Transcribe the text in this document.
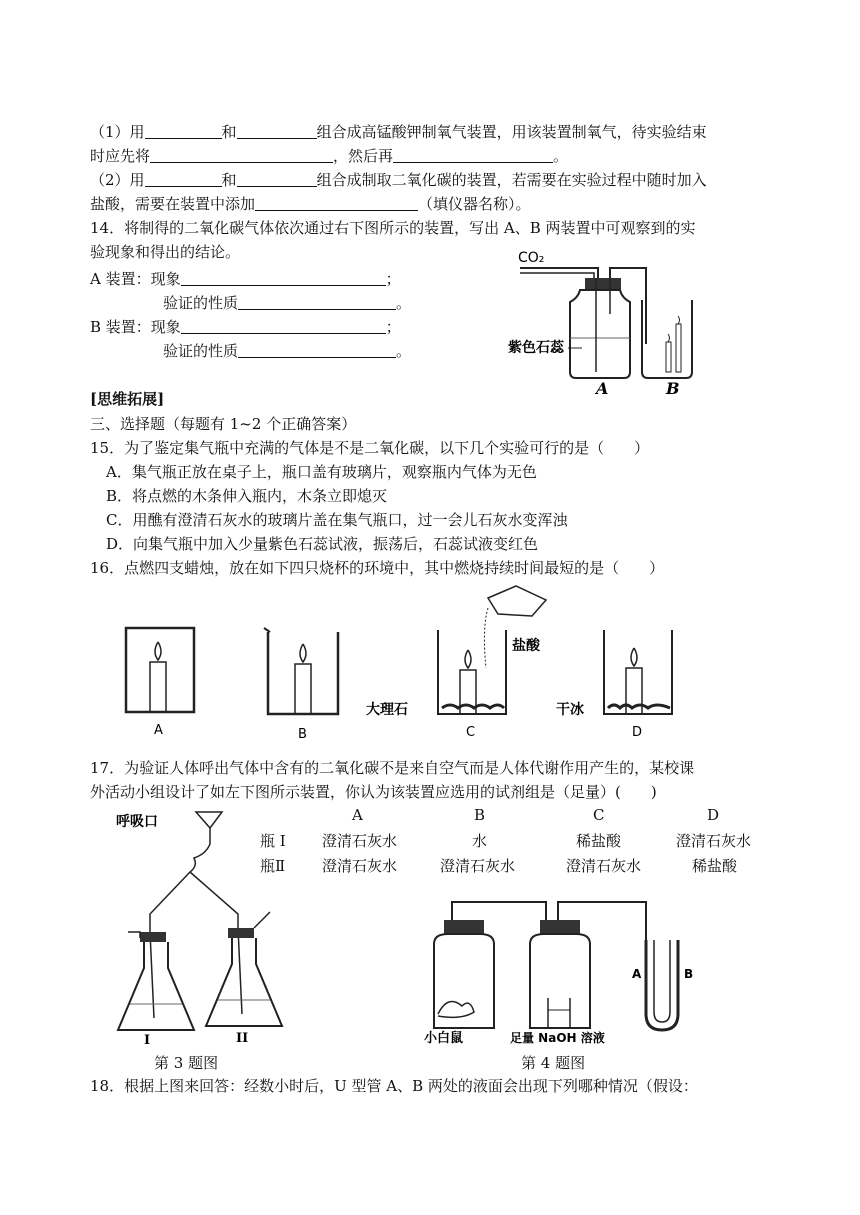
（1）用	和	组合成高锰酸钾制氧气装置，用该装置制氧气，待实验结束
时应先将	，然后再	。
（2）用	和	组合成制取二氧化碳的装置，若需要在实验过程中随时加入
盐酸，需要在装置中添加	（填仪器名称）。
14．将制得的二氧化碳气体依次通过右下图所示的装置，写出 A、B 两装置中可观察到的实
验现象和得出的结论。
A 装置：现象	；
验证的性质	。
B 装置：现象	；
验证的性质	。
CO₂
紫色石蕊
A	B
[思维拓展]
三、选择题（每题有 1~2 个正确答案）
15．为了鉴定集气瓶中充满的气体是不是二氧化碳，以下几个实验可行的是（　　）
A．集气瓶正放在桌子上，瓶口盖有玻璃片，观察瓶内气体为无色
B．将点燃的木条伸入瓶内，木条立即熄灭
C．用醮有澄清石灰水的玻璃片盖在集气瓶口，过一会儿石灰水变浑浊
D．向集气瓶中加入少量紫色石蕊试液，振荡后，石蕊试液变红色
16．点燃四支蜡烛，放在如下四只烧杯的环境中，其中燃烧持续时间最短的是（　　）
A	B
盐酸
大理石
C
干冰
D
17．为验证人体呼出气体中含有的二氧化碳不是来自空气而是人体代谢作用产生的，某校课
外活动小组设计了如左下图所示装置，你认为该装置应选用的试剂组是（足量）(　　)
A	B	C	D
瓶 I 澄清石灰水	水	稀盐酸	澄清石灰水
瓶Ⅱ 澄清石灰水	澄清石灰水	澄清石灰水	稀盐酸
呼吸口
I	II
第 3 题图
小白鼠	足量 NaOH 溶液
A	B
第 4 题图
18．根据上图来回答：经数小时后，U 型管 A、B 两处的液面会出现下列哪种情况（假设：
